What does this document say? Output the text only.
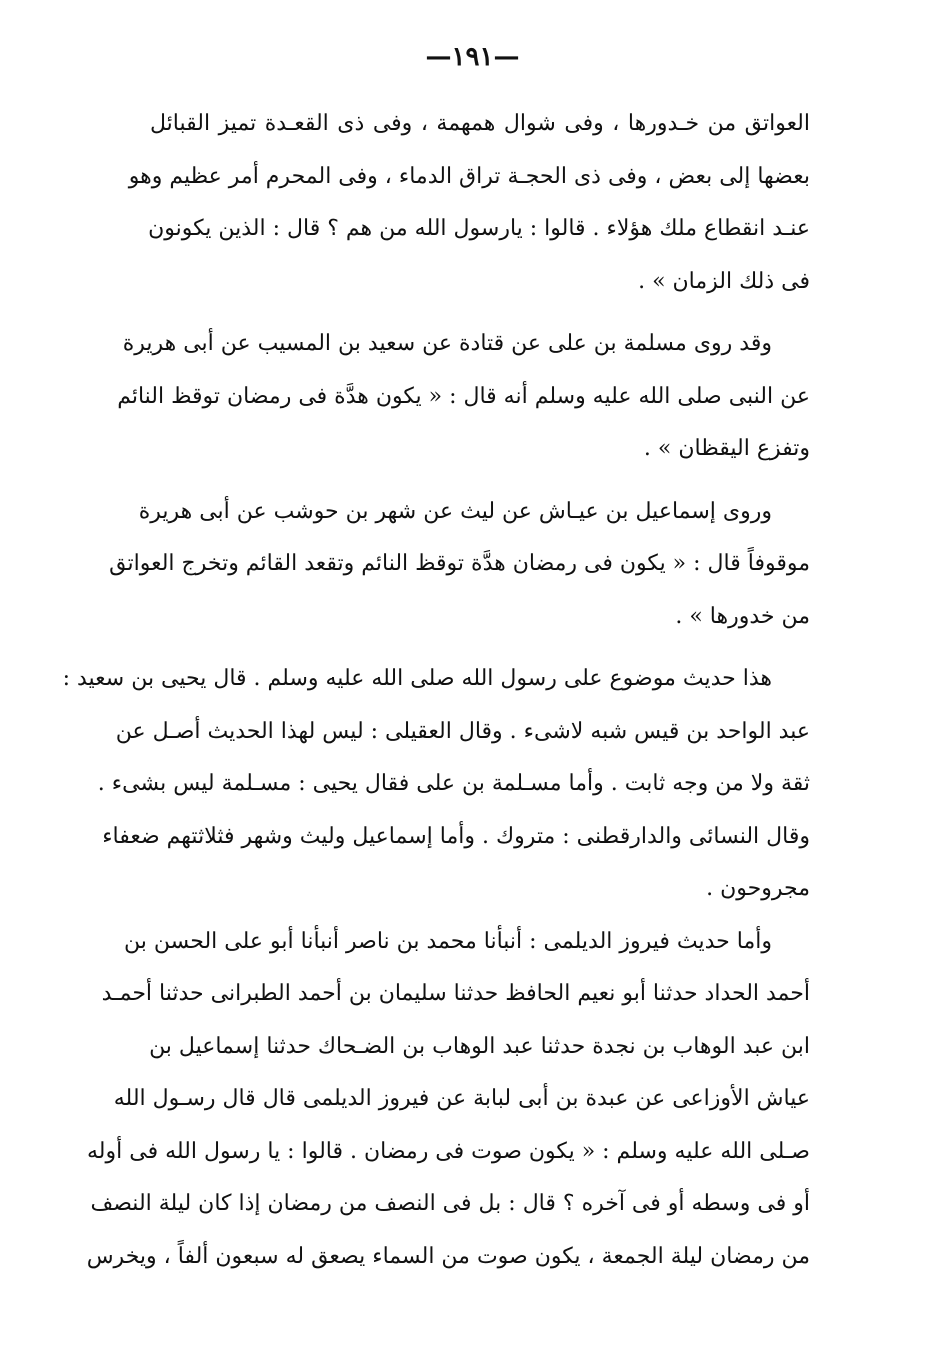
—١٩١—
العواتق من خـدورها ، وفى شوال همهمة ، وفى ذى القعـدة تميز القبائل
بعضها إلى بعض ، وفى ذى الحجـة تراق الدماء ، وفى المحرم أمر عظيم وهو
عنـد انقطاع ملك هؤلاء . قالوا : يارسول الله من هم ؟ قال : الذين يكونون
فى ذلك الزمان » .
وقد روى مسلمة بن على عن قتادة عن سعيد بن المسيب عن أبى هريرة
عن النبى صلى الله عليه وسلم أنه قال : « يكون هدَّة فى رمضان توقظ النائم
وتفزع اليقظان » .
وروى إسماعيل بن عيـاش عن ليث عن شهر بن حوشب عن أبى هريرة
موقوفاً قال : « يكون فى رمضان هدَّة توقظ النائم وتقعد القائم وتخرج العواتق
من خدورها » .
هذا حديث موضوع على رسول الله صلى الله عليه وسلم . قال يحيى بن سعيد :
عبد الواحد بن قيس شبه لاشىء . وقال العقيلى : ليس لهذا الحديث أصـل عن
ثقة ولا من وجه ثابت . وأما مسـلمة بن على فقال يحيى : مسـلمة ليس بشىء .
وقال النسائى والدارقطنى : متروك . وأما إسماعيل وليث وشهر فثلاثتهم ضعفاء
مجروحون .
وأما حديث فيروز الديلمى : أنبأنا محمد بن ناصر أنبأنا أبو على الحسن بن
أحمد الحداد حدثنا أبو نعيم الحافظ حدثنا سليمان بن أحمد الطبرانى حدثنا أحمـد
ابن عبد الوهاب بن نجدة حدثنا عبد الوهاب بن الضـحاك حدثنا إسماعيل بن
عياش الأوزاعى عن عبدة بن أبى لبابة عن فيروز الديلمى قال قال رسـول الله
صـلى الله عليه وسلم : « يكون صوت فى رمضان . قالوا : يا رسول الله فى أوله
أو فى وسطه أو فى آخره ؟ قال : بل فى النصف من رمضان إذا كان ليلة النصف
من رمضان ليلة الجمعة ، يكون صوت من السماء يصعق له سبعون ألفاً ، ويخرس
